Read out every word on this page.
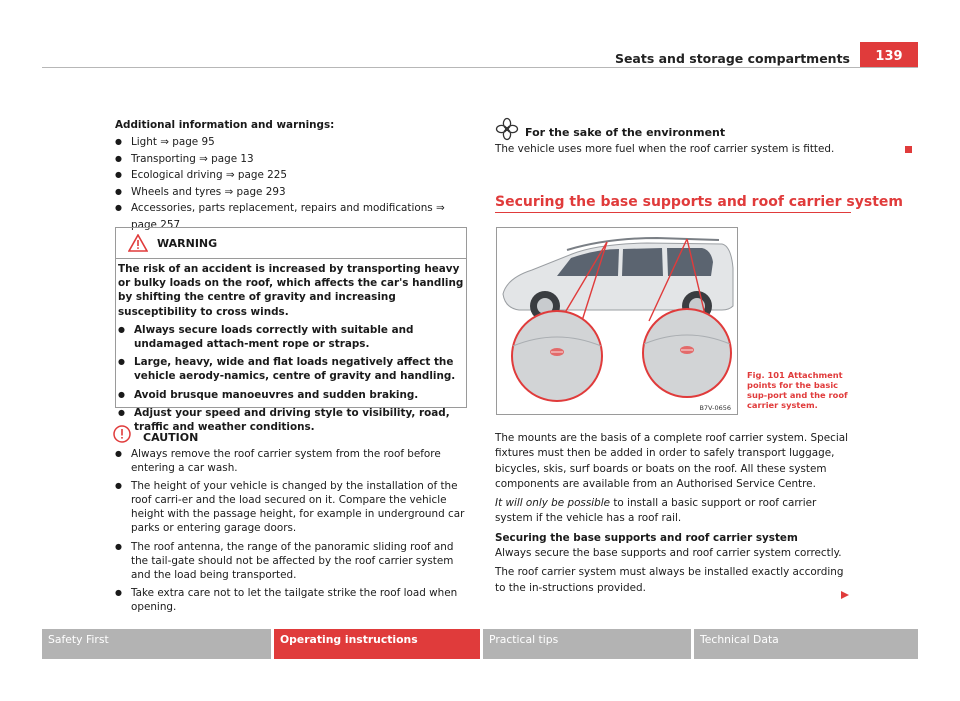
Seats and storage compartments	139
Additional information and warnings:
● Light ⇒ page 95
● Transporting ⇒ page 13
● Ecological driving ⇒ page 225
● Wheels and tyres ⇒ page 293
● Accessories, parts replacement, repairs and modifications ⇒ page 257
WARNING
The risk of an accident is increased by transporting heavy or bulky loads on the roof, which affects the car's handling by shifting the centre of gravity and increasing susceptibility to cross winds.
● Always secure loads correctly with suitable and undamaged attach-ment rope or straps.
● Large, heavy, wide and flat loads negatively affect the vehicle aerody-namics, centre of gravity and handling.
● Avoid brusque manoeuvres and sudden braking.
● Adjust your speed and driving style to visibility, road, traffic and weather conditions.
CAUTION
● Always remove the roof carrier system from the roof before entering a car wash.
● The height of your vehicle is changed by the installation of the roof carri-er and the load secured on it. Compare the vehicle height with the passage height, for example in underground car parks or entering garage doors.
● The roof antenna, the range of the panoramic sliding roof and the tail-gate should not be affected by the roof carrier system and the load being transported.
● Take extra care not to let the tailgate strike the roof load when opening.
For the sake of the environment
The vehicle uses more fuel when the roof carrier system is fitted.
Securing the base supports and roof carrier system
B7V-0656
Fig. 101 Attachment points for the basic sup-port and the roof carrier system.
The mounts are the basis of a complete roof carrier system. Special fixtures must then be added in order to safely transport luggage, bicycles, skis, surf boards or boats on the roof. All these system components are available from an Authorised Service Centre.
It will only be possible to install a basic support or roof carrier system if the vehicle has a roof rail.
Securing the base supports and roof carrier system
Always secure the base supports and roof carrier system correctly.
The roof carrier system must always be installed exactly according to the in-structions provided.
Safety First	Operating instructions	Practical tips	Technical Data
